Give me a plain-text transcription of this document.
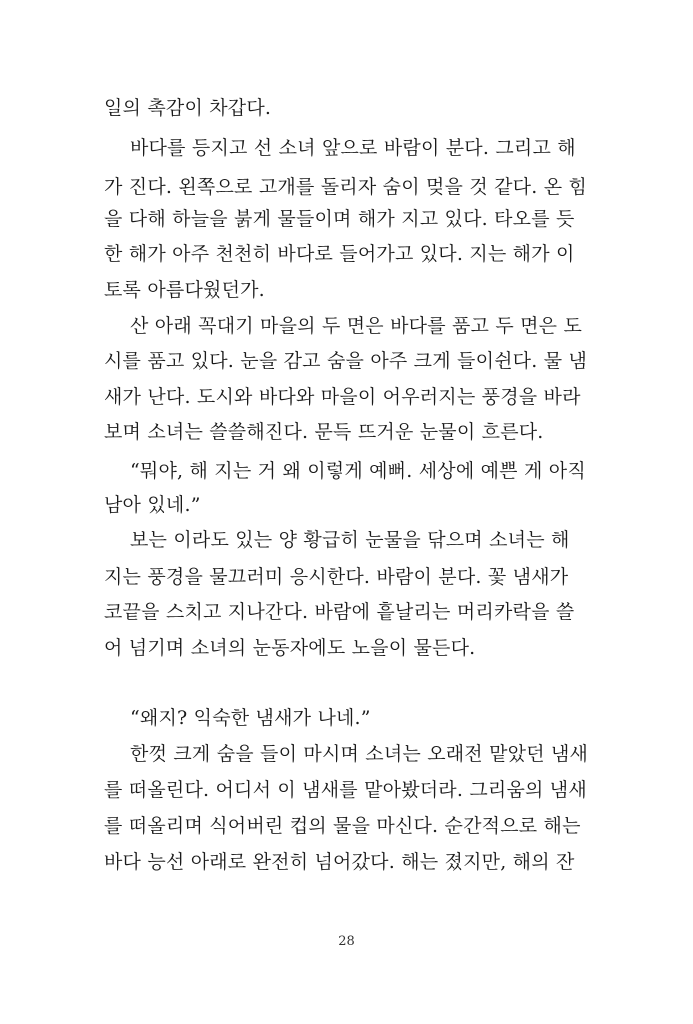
일의 촉감이 차갑다.
바다를 등지고 선 소녀 앞으로 바람이 분다. 그리고 해
가 진다. 왼쪽으로 고개를 돌리자 숨이 멎을 것 같다. 온 힘
을 다해 하늘을 붉게 물들이며 해가 지고 있다. 타오를 듯
한 해가 아주 천천히 바다로 들어가고 있다. 지는 해가 이
토록 아름다웠던가.
산 아래 꼭대기 마을의 두 면은 바다를 품고 두 면은 도
시를 품고 있다. 눈을 감고 숨을 아주 크게 들이쉰다. 물 냄
새가 난다. 도시와 바다와 마을이 어우러지는 풍경을 바라
보며 소녀는 쓸쓸해진다. 문득 뜨거운 눈물이 흐른다.
“뭐야, 해 지는 거 왜 이렇게 예뻐. 세상에 예쁜 게 아직
남아 있네.”
보는 이라도 있는 양 황급히 눈물을 닦으며 소녀는 해
지는 풍경을 물끄러미 응시한다. 바람이 분다. 꽃 냄새가
코끝을 스치고 지나간다. 바람에 흩날리는 머리카락을 쓸
어 넘기며 소녀의 눈동자에도 노을이 물든다.
“왜지? 익숙한 냄새가 나네.”
한껏 크게 숨을 들이 마시며 소녀는 오래전 맡았던 냄새
를 떠올린다. 어디서 이 냄새를 맡아봤더라. 그리움의 냄새
를 떠올리며 식어버린 컵의 물을 마신다. 순간적으로 해는
바다 능선 아래로 완전히 넘어갔다. 해는 졌지만, 해의 잔
28
